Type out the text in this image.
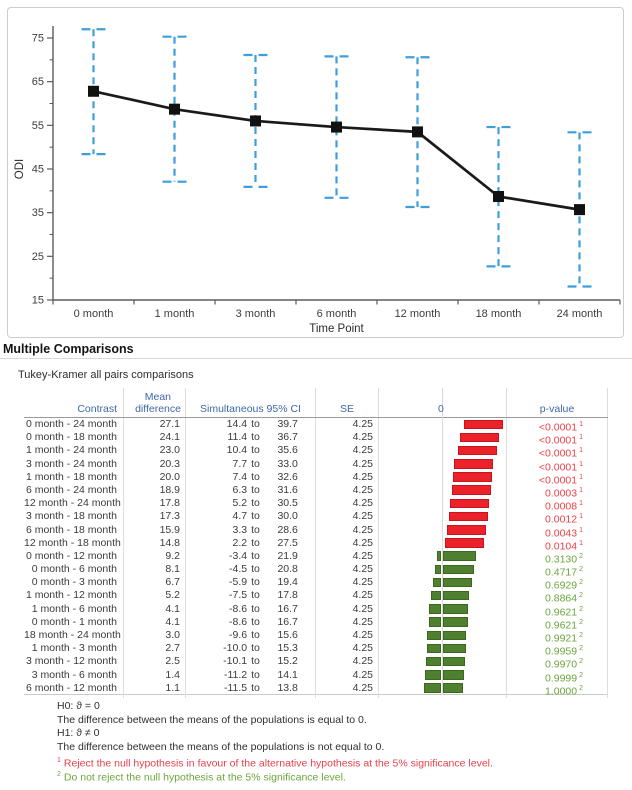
15
25
35
45
55
65
75
0 month	1 month	3 month	6 month	12 month	18 month	24 month
ODI
Time Point
Multiple Comparisons
Tukey-Kramer all pairs comparisons
Contrast
Mean
difference	Simultaneous 95% CI	SE	0	p-value
0 month - 24 month	27.1	14.4 to	39.7	4.25	<0.0001 $^1$
0 month - 18 month	24.1	11.4 to	36.7	4.25	<0.0001 $^1$
1 month - 24 month	23.0	10.4 to	35.6	4.25	<0.0001 $^1$
3 month - 24 month	20.3	7.7 to	33.0	4.25	<0.0001 $^1$
1 month - 18 month	20.0	7.4 to	32.6	4.25	<0.0001 $^1$
6 month - 24 month	18.9	6.3 to	31.6	4.25	0.0003 $^1$
12 month - 24 month	17.8	5.2 to	30.5	4.25	0.0008 $^1$
3 month - 18 month	17.3	4.7 to	30.0	4.25	0.0012 $^1$
6 month - 18 month	15.9	3.3 to	28.6	4.25	0.0043 $^1$
12 month - 18 month	14.8	2.2 to	27.5	4.25	0.0104 $^1$
0 month - 12 month	9.2	-3.4 to	21.9	4.25	0.3130 $^2$
0 month - 6 month	8.1	-4.5 to	20.8	4.25	0.4717 $^2$
0 month - 3 month	6.7	-5.9 to	19.4	4.25	0.6929 $^2$
1 month - 12 month	5.2	-7.5 to	17.8	4.25	0.8864 $^2$
1 month - 6 month	4.1	-8.6 to	16.7	4.25	0.9621 $^2$
0 month - 1 month	4.1	-8.6 to	16.7	4.25	0.9621 $^2$
18 month - 24 month	3.0	-9.6 to	15.6	4.25	0.9921 $^2$
1 month - 3 month	2.7	-10.0 to	15.3	4.25	0.9959 $^2$
3 month - 12 month	2.5	-10.1 to	15.2	4.25	0.9970 $^2$
3 month - 6 month	1.4	-11.2 to	14.1	4.25	0.9999 $^2$
6 month - 12 month	1.1	-11.5 to	13.8	4.25	1.0000 $^2$
H0: ϑ = 0
The difference between the means of the populations is equal to 0.
H1: ϑ ≠ 0
The difference between the means of the populations is not equal to 0.
$^1$ Reject the null hypothesis in favour of the alternative hypothesis at the 5% significance level.
$^2$ Do not reject the null hypothesis at the 5% significance level.
